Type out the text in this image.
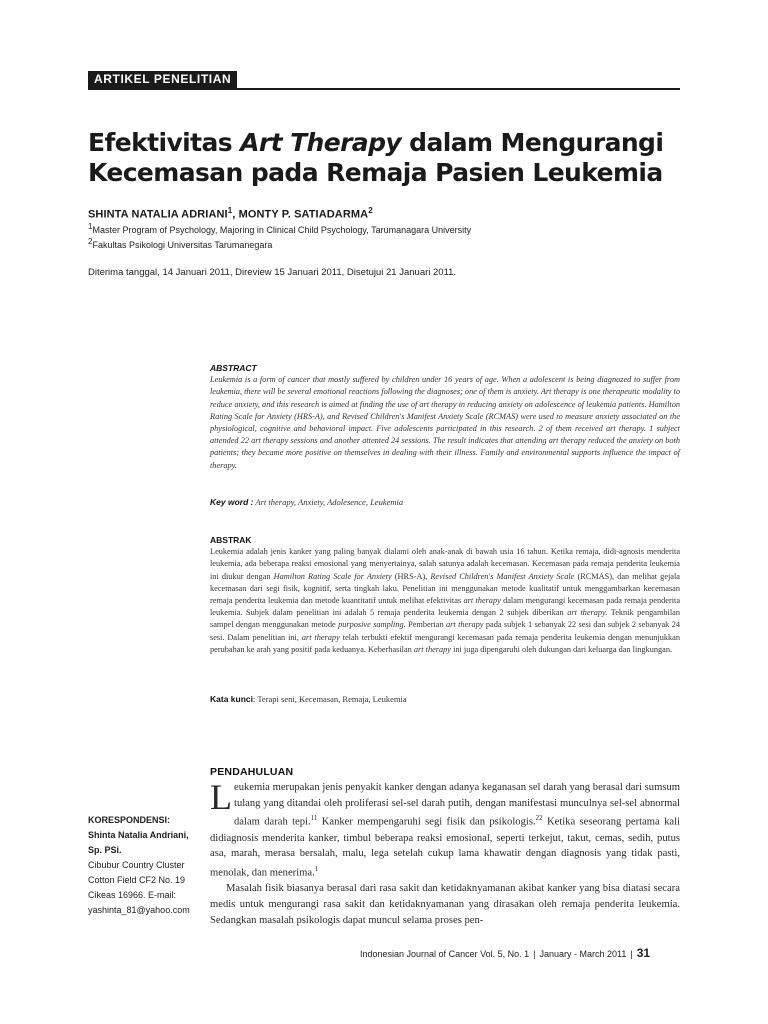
ARTIKEL PENELITIAN
Efektivitas Art Therapy dalam Mengurangi
Kecemasan pada Remaja Pasien Leukemia
SHINTA NATALIA ADRIANI$^1$, MONTY P. SATIADARMA$^2$
$^1$Master Program of Psychology, Majoring in Clinical Child Psychology, Tarumanagara University
$^2$Fakultas Psikologi Universitas Tarumanegara
Diterima tanggal, 14 Januari 2011, Direview 15 Januari 2011, Disetujui 21 Januari 2011.
ABSTRACT
Leukemia is a form of cancer that mostly suffered by children under 16 years of age. When a adolescent is being diagnozed to suffer from leukemia, there will be several emotional reactions following the diagnoses; one of them is anxiety. Art therapy is one therapeutic modality to reduce anxiety, and this research is aimed at finding the use of art therapy in reducing anxiety on adolescence of leukemia patients. Hamilton Rating Scale for Anxiety (HRS-A), and Revised Children's Manifest Anxiety Scale (RCMAS) were used to measure anxiety associated on the physiological, cognitive and behavioral impact. Five adolescents participated in this research. 2 of them received art therapy. 1 subject attended 22 art therapy sessions and another attented 24 sessions. The result indicates that attending art therapy reduced the anxiety on both patients; they became more positive on themselves in dealing with their illness. Family and environmental supports influence the impact of therapy.
Key word : Art therapy, Anxiety, Adolesence, Leukemia
ABSTRAK
Leukemia adalah jenis kanker yang paling banyak dialami oleh anak-anak di bawah usia 16 tahun. Ketika remaja, didi-agnosis menderita leukemia, ada beberapa reaksi emosional yang menyertainya, salah satunya adalah kecemasan. Kecemasan pada remaja penderita leukemia ini diukur dengan Hamilton Rating Scale for Anxiety (HRS-A), Revised Children's Manifest Anxiety Scale (RCMAS), dan melihat gejala kecemasan dari segi fisik, kognitif, serta tingkah laku. Penelitian ini menggunakan metode kualitatif untuk menggambarkan kecemasan remaja penderita leukemia dan metode kuantitatif untuk melihat efektivitas art therapy dalam mengurangi kecemasan pada remaja penderita leukemia. Subjek dalam penelitian ini adalah 5 remaja penderita leukemia dengan 2 subjek diberikan art therapy. Teknik pengambilan sampel dengan menggunakan metode purposive sampling. Pemberian art therapy pada subjek 1 sebanyak 22 sesi dan subjek 2 sebanyak 24 sesi. Dalam penelitian ini, art therapy telah terbukti efektif mengurangi kecemasan pada remaja penderita leukemia dengan menunjukkan perubahan ke arah yang positif pada keduanya. Keberhasilan art therapy ini juga dipengaruhi oleh dukungan dari keluarga dan lingkungan.
Kata kunci: Terapi seni, Kecemasan, Remaja, Leukemia
KORESPONDENSI:
Shinta Natalia Andriani, Sp. PSi.
Cibubur Country Cluster Cotton Field CF2 No. 19 Cikeas 16966. E-mail: yashinta_81@yahoo.com
PENDAHULUAN

Leukemia merupakan jenis penyakit kanker dengan adanya keganasan sel darah yang berasal dari sumsum tulang yang ditandai oleh proliferasi sel-sel darah putih, dengan manifestasi munculnya sel-sel abnormal dalam darah tepi.$^{11}$ Kanker mempengaruhi segi fisik dan psikologis.$^{22}$ Ketika seseorang pertama kali didiagnosis menderita kanker, timbul beberapa reaksi emosional, seperti terkejut, takut, cemas, sedih, putus asa, marah, merasa bersalah, malu, lega setelah cukup lama khawatir dengan diagnosis yang tidak pasti, menolak, dan menerima.$^1$

Masalah fisik biasanya berasal dari rasa sakit dan ketidaknyamanan akibat kanker yang bisa diatasi secara medis untuk mengurangi rasa sakit dan ketidaknyamanan yang dirasakan oleh remaja penderita leukemia. Sedangkan masalah psikologis dapat muncul selama proses pen-

Indonesian Journal of Cancer Vol. 5, No. 1 | January - March 2011 | 31
